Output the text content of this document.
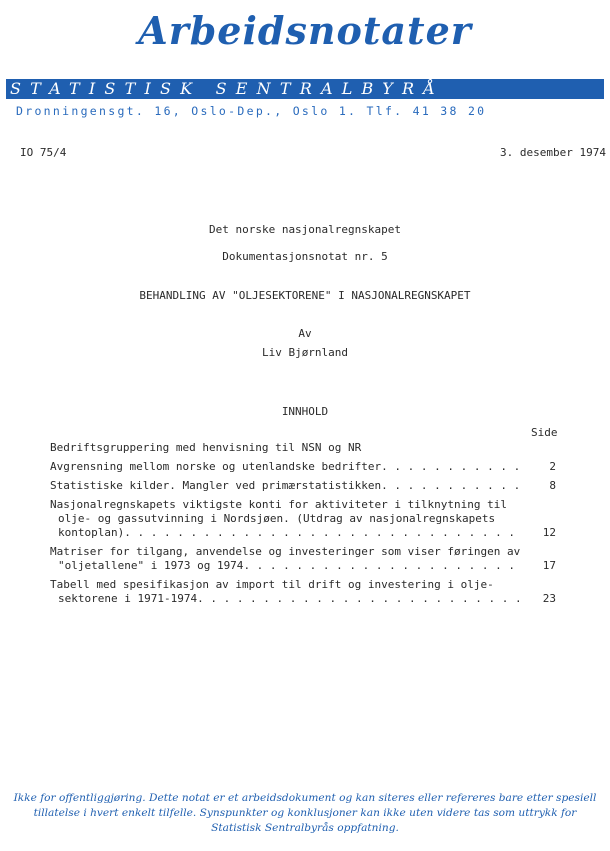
Arbeidsnotater
STATISTISK SENTRALBYRÅ
Dronningensgt. 16, Oslo-Dep., Oslo 1. Tlf. 41 38 20
IO 75/4	3. desember 1974
Det norske nasjonalregnskapet
Dokumentasjonsnotat nr. 5
BEHANDLING AV "OLJESEKTORENE" I NASJONALREGNSKAPET
Av
Liv Bjørnland
INNHOLD
Side
Bedriftsgruppering med henvisning til NSN og NR
Avgrensning mellom norske og utenlandske bedrifter . . .	2
Statistiske kilder. Mangler ved primærstatistikken . . .	8
Nasjonalregnskapets viktigste konti for aktiviteter i tilknytning til
olje- og gassutvinning i Nordsjøen. (Utdrag av nasjonalregnskapets
kontoplan) . . .	12
Matriser for tilgang, anvendelse og investeringer som viser føringen av
"oljetallene" i 1973 og 1974 . . .	17
Tabell med spesifikasjon av import til drift og investering i olje-
sektorene i 1971-1974 . . .	23
Ikke for offentliggjøring. Dette notat er et arbeidsdokument og kan siteres eller refereres bare etter spesiell
tillatelse i hvert enkelt tilfelle. Synspunkter og konklusjoner kan ikke uten videre tas som uttrykk for
Statistisk Sentralbyrås oppfatning.
